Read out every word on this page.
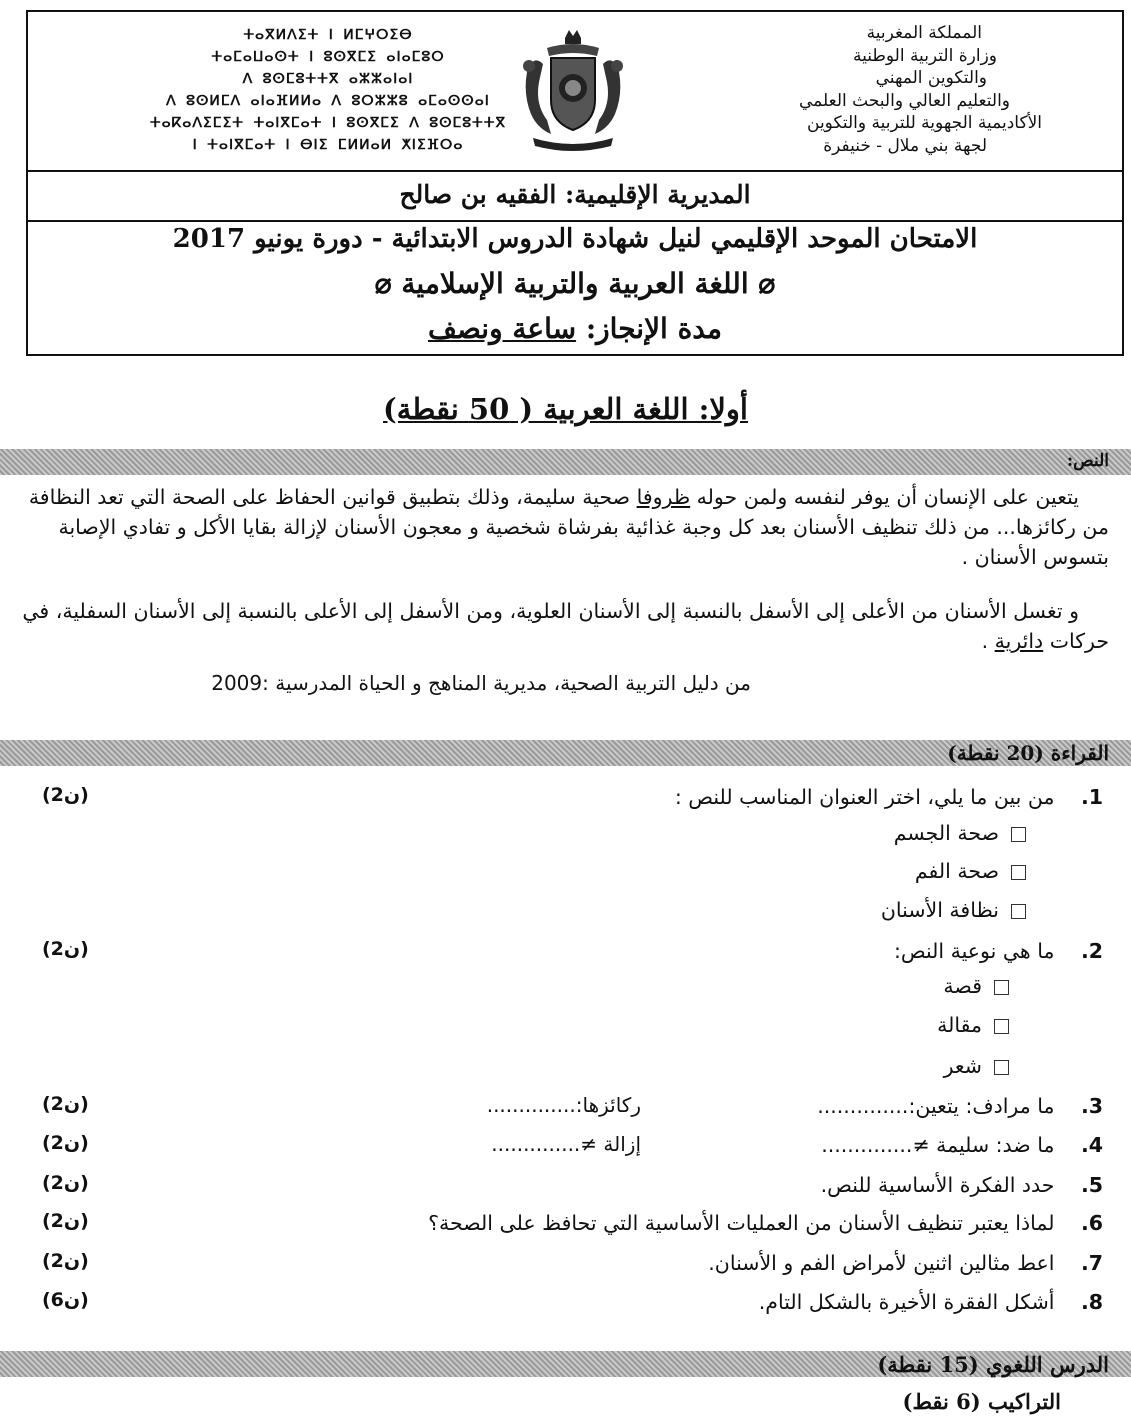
المملكة المغربية
وزارة التربية الوطنية
والتكوين المهني
والتعليم العالي والبحث العلمي
الأكاديمية الجهوية للتربية والتكوين
لجهة بني ملال - خنيفرة
ⵜⴰⴳⵍⴷⵉⵜ ⵏ ⵍⵎⵖⵔⵉⴱ
ⵜⴰⵎⴰⵡⴰⵙⵜ ⵏ ⵓⵙⴳⵎⵉ ⴰⵏⴰⵎⵓⵔ
ⴷ ⵓⵙⵎⵓⵜⵜⴳ ⴰⵣⵣⴰⵏⴰⵏ
ⴷ ⵓⵙⵍⵎⴷ ⴰⵏⴰⴼⵍⵍⴰ ⴷ ⵓⵔⵣⵣⵓ ⴰⵎⴰⵙⵙⴰⵏ
ⵜⴰⴽⴰⴷⵉⵎⵉⵜ ⵜⴰⵏⴳⵎⴰⵜ ⵏ ⵓⵙⴳⵎⵉ ⴷ ⵓⵙⵎⵓⵜⵜⴳ
ⵏ ⵜⴰⵏⴳⵎⴰⵜ ⵏ ⴱⵏⵉ ⵎⵍⵍⴰⵍ ⵅⵏⵉⴼⵔⴰ
المديرية الإقليمية: الفقيه بن صالح
الامتحان الموحد الإقليمي لنيل شهادة الدروس الابتدائية - دورة يونيو 2017
⌀ اللغة العربية والتربية الإسلامية ⌀
مدة الإنجاز: ساعة ونصف
أولا: اللغة العربية ( 50 نقطة)
النص:
يتعين على الإنسان أن يوفر لنفسه ولمن حوله ظروفا صحية سليمة، وذلك بتطبيق قوانين الحفاظ على الصحة التي تعد النظافة من ركائزها... من ذلك تنظيف الأسنان بعد كل وجبة غذائية بفرشاة شخصية و معجون الأسنان لإزالة بقايا الأكل و تفادي الإصابة بتسوس الأسنان .
و تغسل الأسنان من الأعلى إلى الأسفل بالنسبة إلى الأسنان العلوية، ومن الأسفل إلى الأعلى بالنسبة إلى الأسنان السفلية، في حركات دائرية .
من دليل التربية الصحية، مديرية المناهج و الحياة المدرسية :2009
القراءة (20 نقطة)
1. من بين ما يلي، اختر العنوان المناسب للنص :
(2ن)
صحة الجسم
صحة الفم
نظافة الأسنان
2. ما هي نوعية النص:
(2ن)
قصة
مقالة
شعر
3. ما مرادف: يتعين:..............
ركائزها:..............
(2ن)
4. ما ضد: سليمة ≠..............
إزالة ≠..............
(2ن)
5. حدد الفكرة الأساسية للنص.
(2ن)
6. لماذا يعتبر تنظيف الأسنان من العمليات الأساسية التي تحافظ على الصحة؟
(2ن)
7. اعط مثالين اثنين لأمراض الفم و الأسنان.
(2ن)
8. أشكل الفقرة الأخيرة بالشكل التام.
(6ن)
الدرس اللغوي (15 نقطة)
التراكيب (6 نقط)
